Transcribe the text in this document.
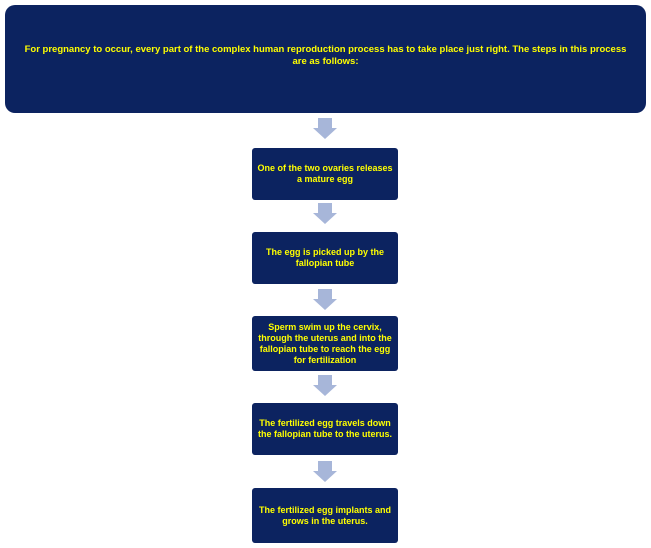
For pregnancy to occur, every part of the complex human reproduction process has to take place just right. The steps in this process are as follows:
One of the two ovaries releases a mature egg
The egg is picked up by the fallopian tube
Sperm swim up the cervix, through the uterus and into the fallopian tube to reach the egg for fertilization
The fertilized egg travels down the fallopian tube to the uterus.
The fertilized egg implants and grows in the uterus.
